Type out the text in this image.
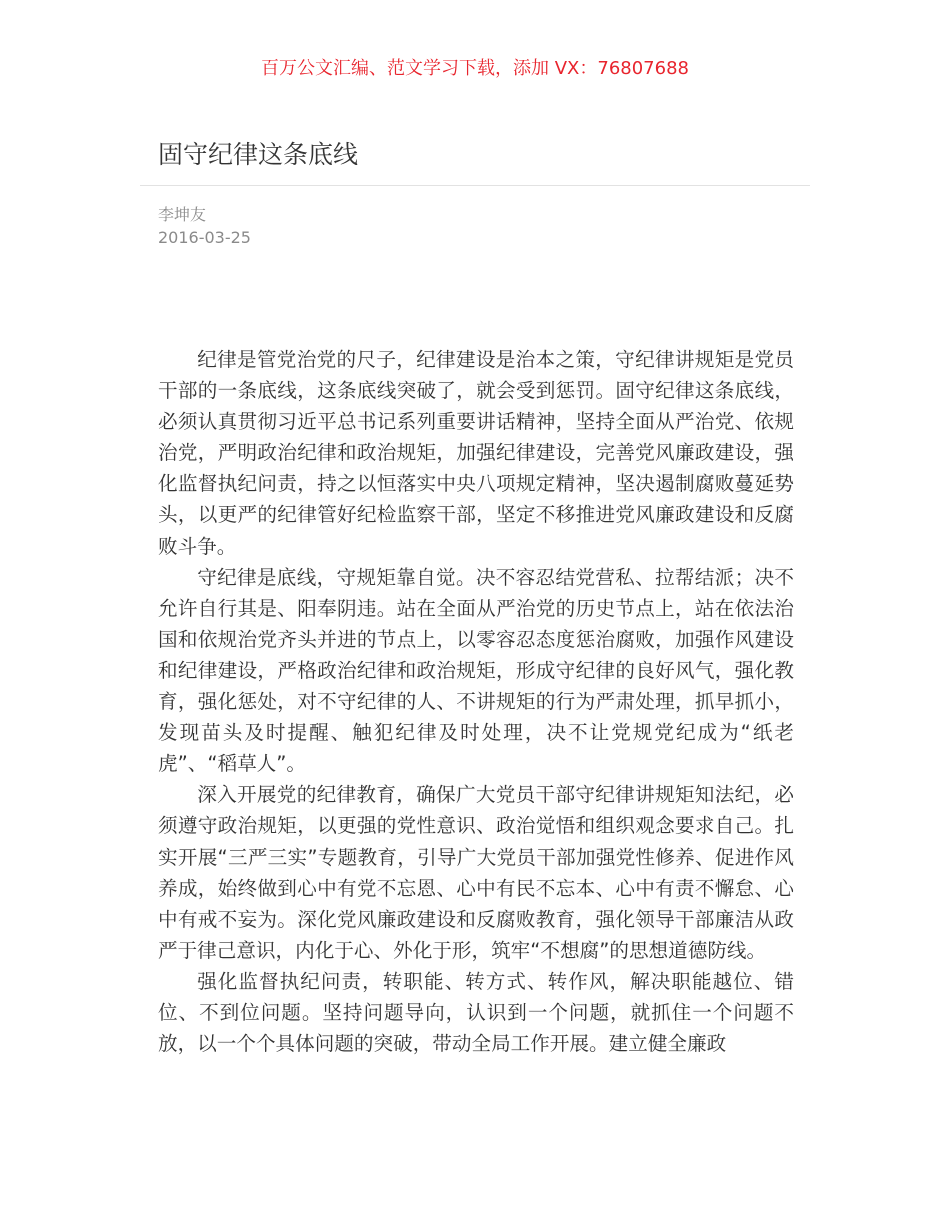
百万公文汇编、范文学习下载，添加 VX：76807688
固守纪律这条底线
李坤友
2016-03-25

纪律是管党治党的尺子，纪律建设是治本之策，守纪律讲规矩是党员干部的一条底线，这条底线突破了，就会受到惩罚。固守纪律这条底线，必须认真贯彻习近平总书记系列重要讲话精神，坚持全面从严治党、依规治党，严明政治纪律和政治规矩，加强纪律建设，完善党风廉政建设，强化监督执纪问责，持之以恒落实中央八项规定精神，坚决遏制腐败蔓延势头，以更严的纪律管好纪检监察干部，坚定不移推进党风廉政建设和反腐败斗争。

守纪律是底线，守规矩靠自觉。决不容忍结党营私、拉帮结派；决不允许自行其是、阳奉阴违。站在全面从严治党的历史节点上，站在依法治国和依规治党齐头并进的节点上，以零容忍态度惩治腐败，加强作风建设和纪律建设，严格政治纪律和政治规矩，形成守纪律的良好风气，强化教育，强化惩处，对不守纪律的人、不讲规矩的行为严肃处理，抓早抓小，发现苗头及时提醒、触犯纪律及时处理，决不让党规党纪成为“纸老虎”、“稻草人”。

深入开展党的纪律教育，确保广大党员干部守纪律讲规矩知法纪，必须遵守政治规矩，以更强的党性意识、政治觉悟和组织观念要求自己。扎实开展“三严三实”专题教育，引导广大党员干部加强党性修养、促进作风养成，始终做到心中有党不忘恩、心中有民不忘本、心中有责不懈怠、心中有戒不妄为。深化党风廉政建设和反腐败教育，强化领导干部廉洁从政严于律己意识，内化于心、外化于形，筑牢“不想腐”的思想道德防线。

强化监督执纪问责，转职能、转方式、转作风，解决职能越位、错位、不到位问题。坚持问题导向，认识到一个问题，就抓住一个问题不放，以一个个具体问题的突破，带动全局工作开展。建立健全廉政
